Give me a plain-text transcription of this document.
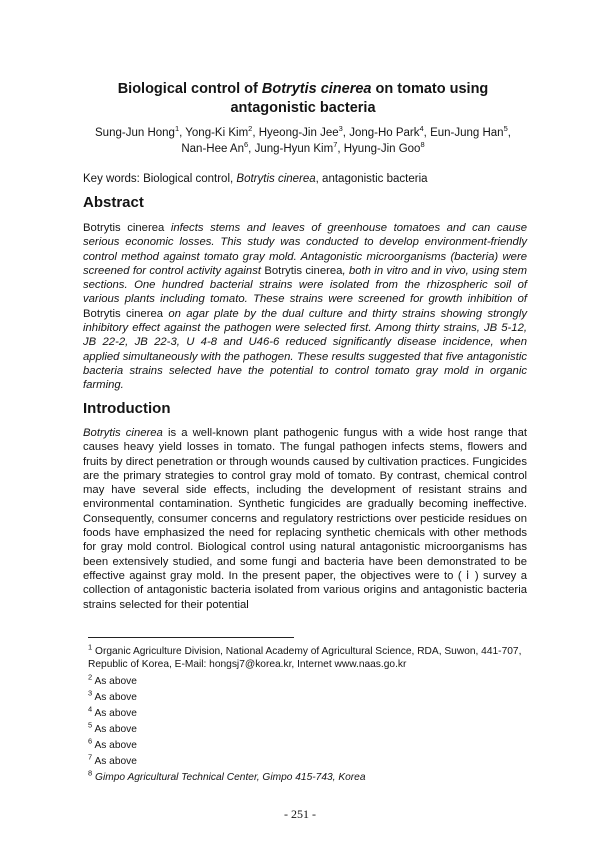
Biological control of Botrytis cinerea on tomato using
antagonistic bacteria
Sung-Jun Hong$^1$, Yong-Ki Kim$^2$, Hyeong-Jin Jee$^3$, Jong-Ho Park$^4$, Eun-Jung Han$^5$,
Nan-Hee An$^6$, Jung-Hyun Kim$^7$, Hyung-Jin Goo$^8$
Key words: Biological control, Botrytis cinerea, antagonistic bacteria
Abstract
Botrytis cinerea infects stems and leaves of greenhouse tomatoes and can cause serious economic losses. This study was conducted to develop environment-friendly control method against tomato gray mold. Antagonistic microorganisms (bacteria) were screened for control activity against Botrytis cinerea, both in vitro and in vivo, using stem sections. One hundred bacterial strains were isolated from the rhizospheric soil of various plants including tomato. These strains were screened for growth inhibition of Botrytis cinerea on agar plate by the dual culture and thirty strains showing strongly inhibitory effect against the pathogen were selected first. Among thirty strains, JB 5-12, JB 22-2, JB 22-3, U 4-8 and U46-6 reduced significantly disease incidence, when applied simultaneously with the pathogen. These results suggested that five antagonistic bacteria strains selected have the potential to control tomato gray mold in organic farming.
Introduction
Botrytis cinerea is a well-known plant pathogenic fungus with a wide host range that causes heavy yield losses in tomato. The fungal pathogen infects stems, flowers and fruits by direct penetration or through wounds caused by cultivation practices. Fungicides are the primary strategies to control gray mold of tomato. By contrast, chemical control may have several side effects, including the development of resistant strains and environmental contamination. Synthetic fungicides are gradually becoming ineffective. Consequently, consumer concerns and regulatory restrictions over pesticide residues on foods have emphasized the need for replacing synthetic chemicals with other methods for gray mold control. Biological control using natural antagonistic microorganisms has been extensively studied, and some fungi and bacteria have been demonstrated to be effective against gray mold. In the present paper, the objectives were to ( ⅰ ) survey a collection of antagonistic bacteria isolated from various origins and antagonistic bacteria strains selected for their potential

$^1$ Organic Agriculture Division, National Academy of Agricultural Science, RDA, Suwon, 441-707, Republic of Korea, E-Mail: hongsj7@korea.kr, Internet www.naas.go.kr

$^2$ As above

$^3$ As above

$^4$ As above

$^5$ As above

$^6$ As above

$^7$ As above

$^8$ Gimpo Agricultural Technical Center, Gimpo 415-743, Korea

- 251 -
